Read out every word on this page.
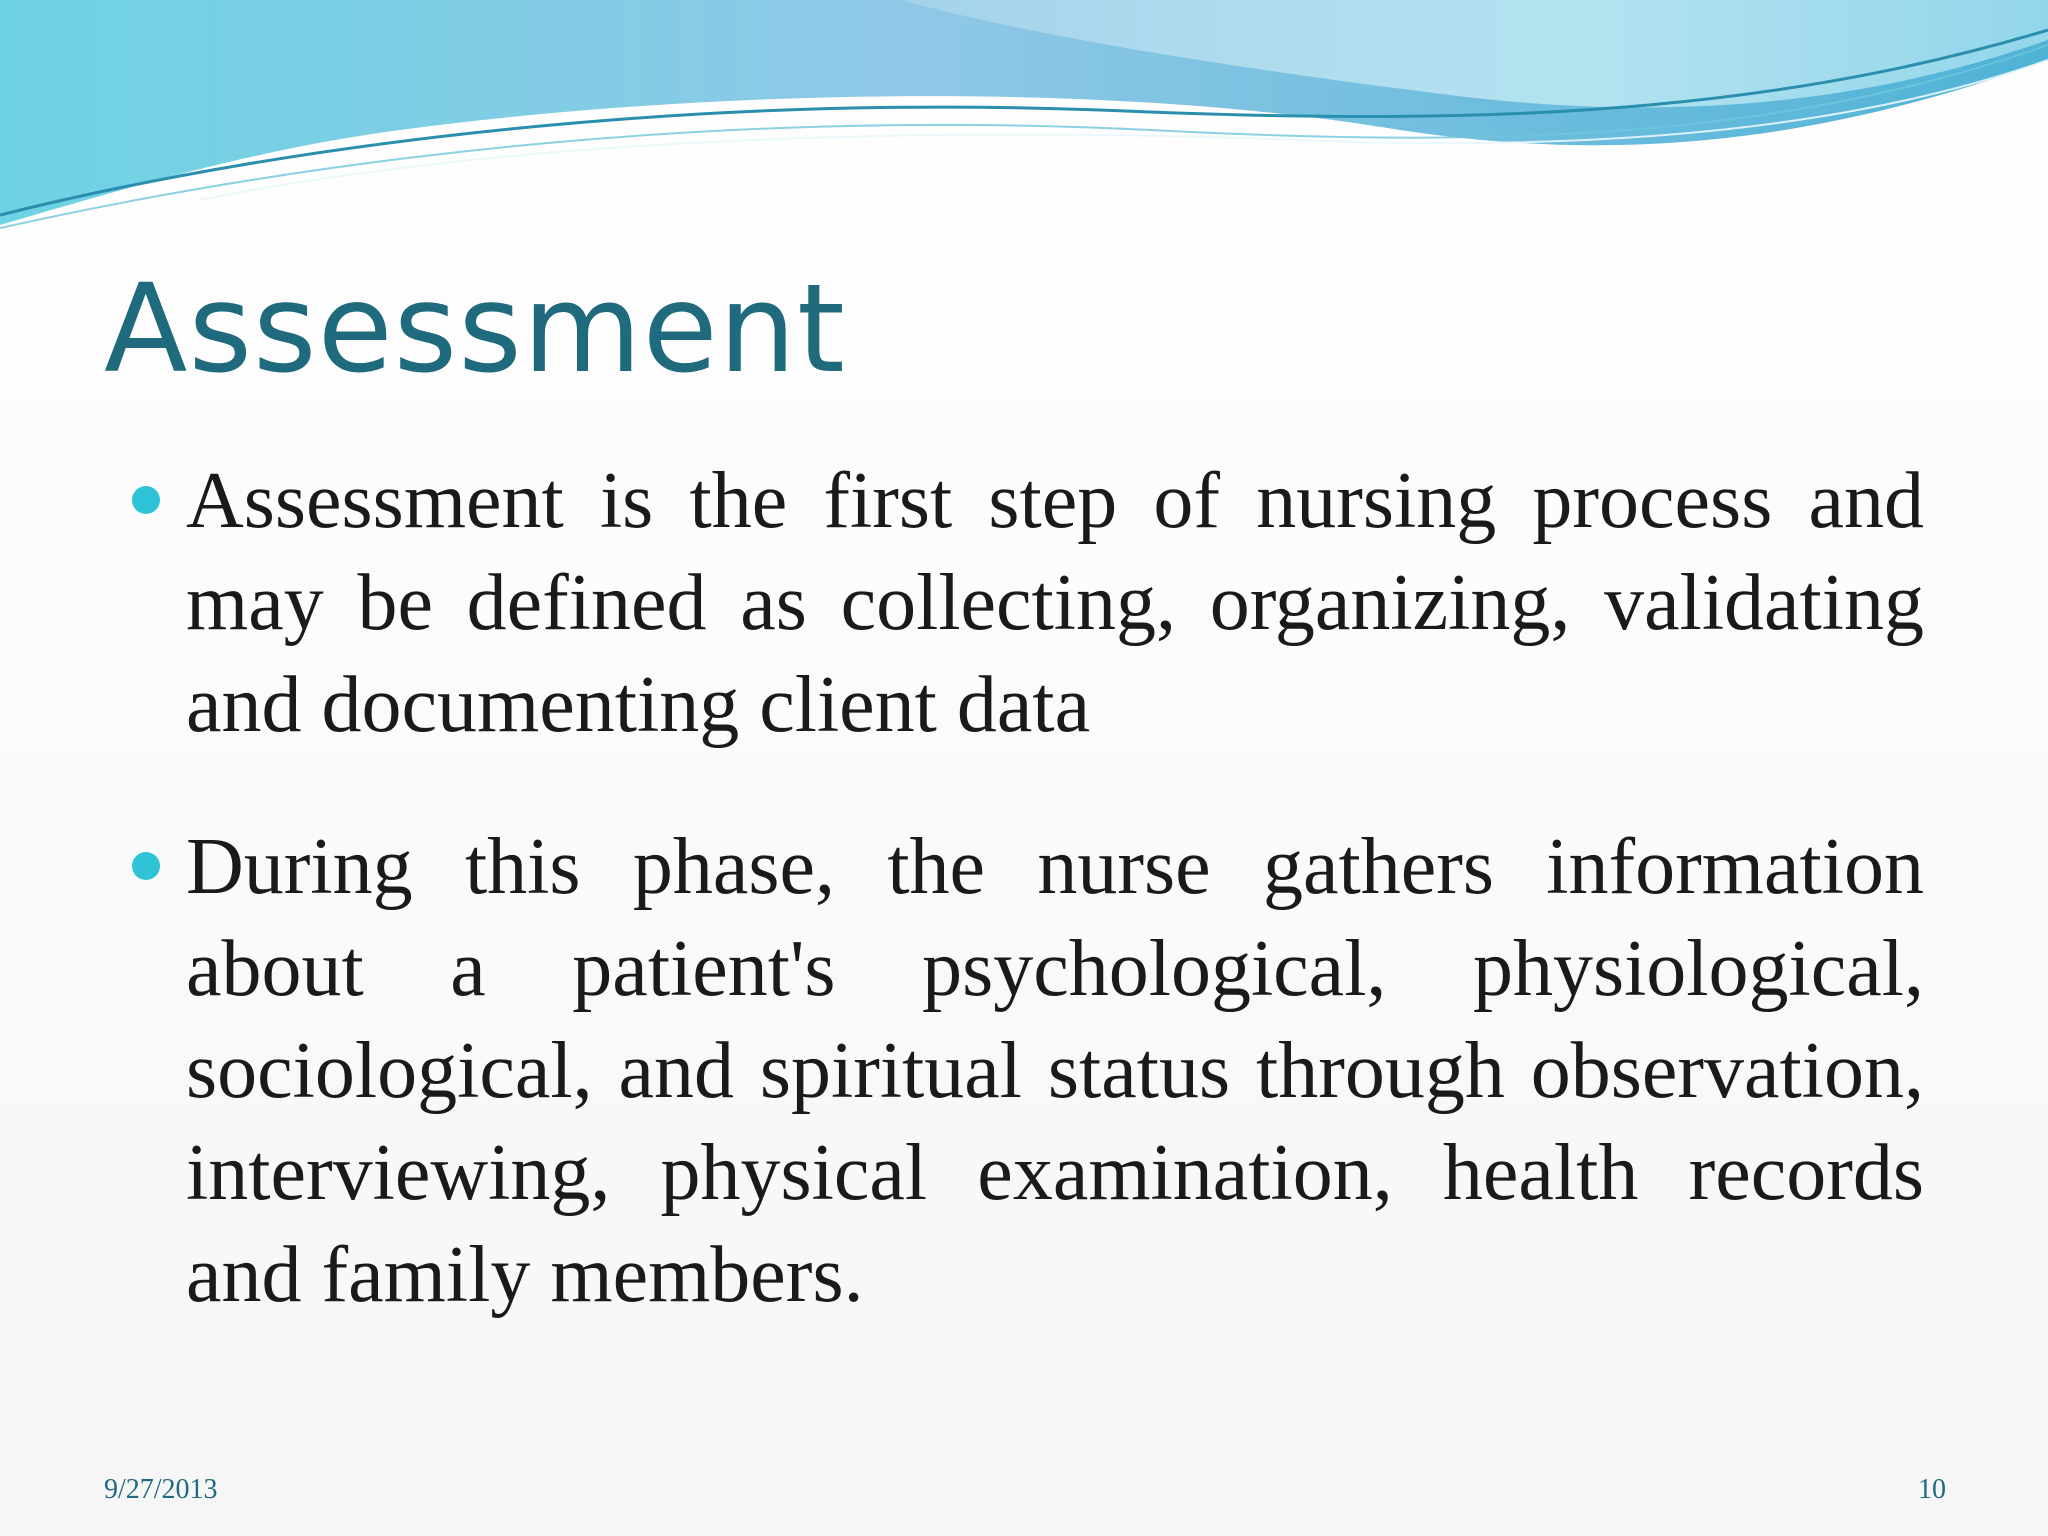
Assessment
Assessment is the first step of nursing process and may be defined as collecting, organizing, validating and documenting client data
During this phase, the nurse gathers information about a patient's psychological, physiological, sociological, and spiritual status through observation, interviewing, physical examination, health records and family members.
9/27/2013	10
